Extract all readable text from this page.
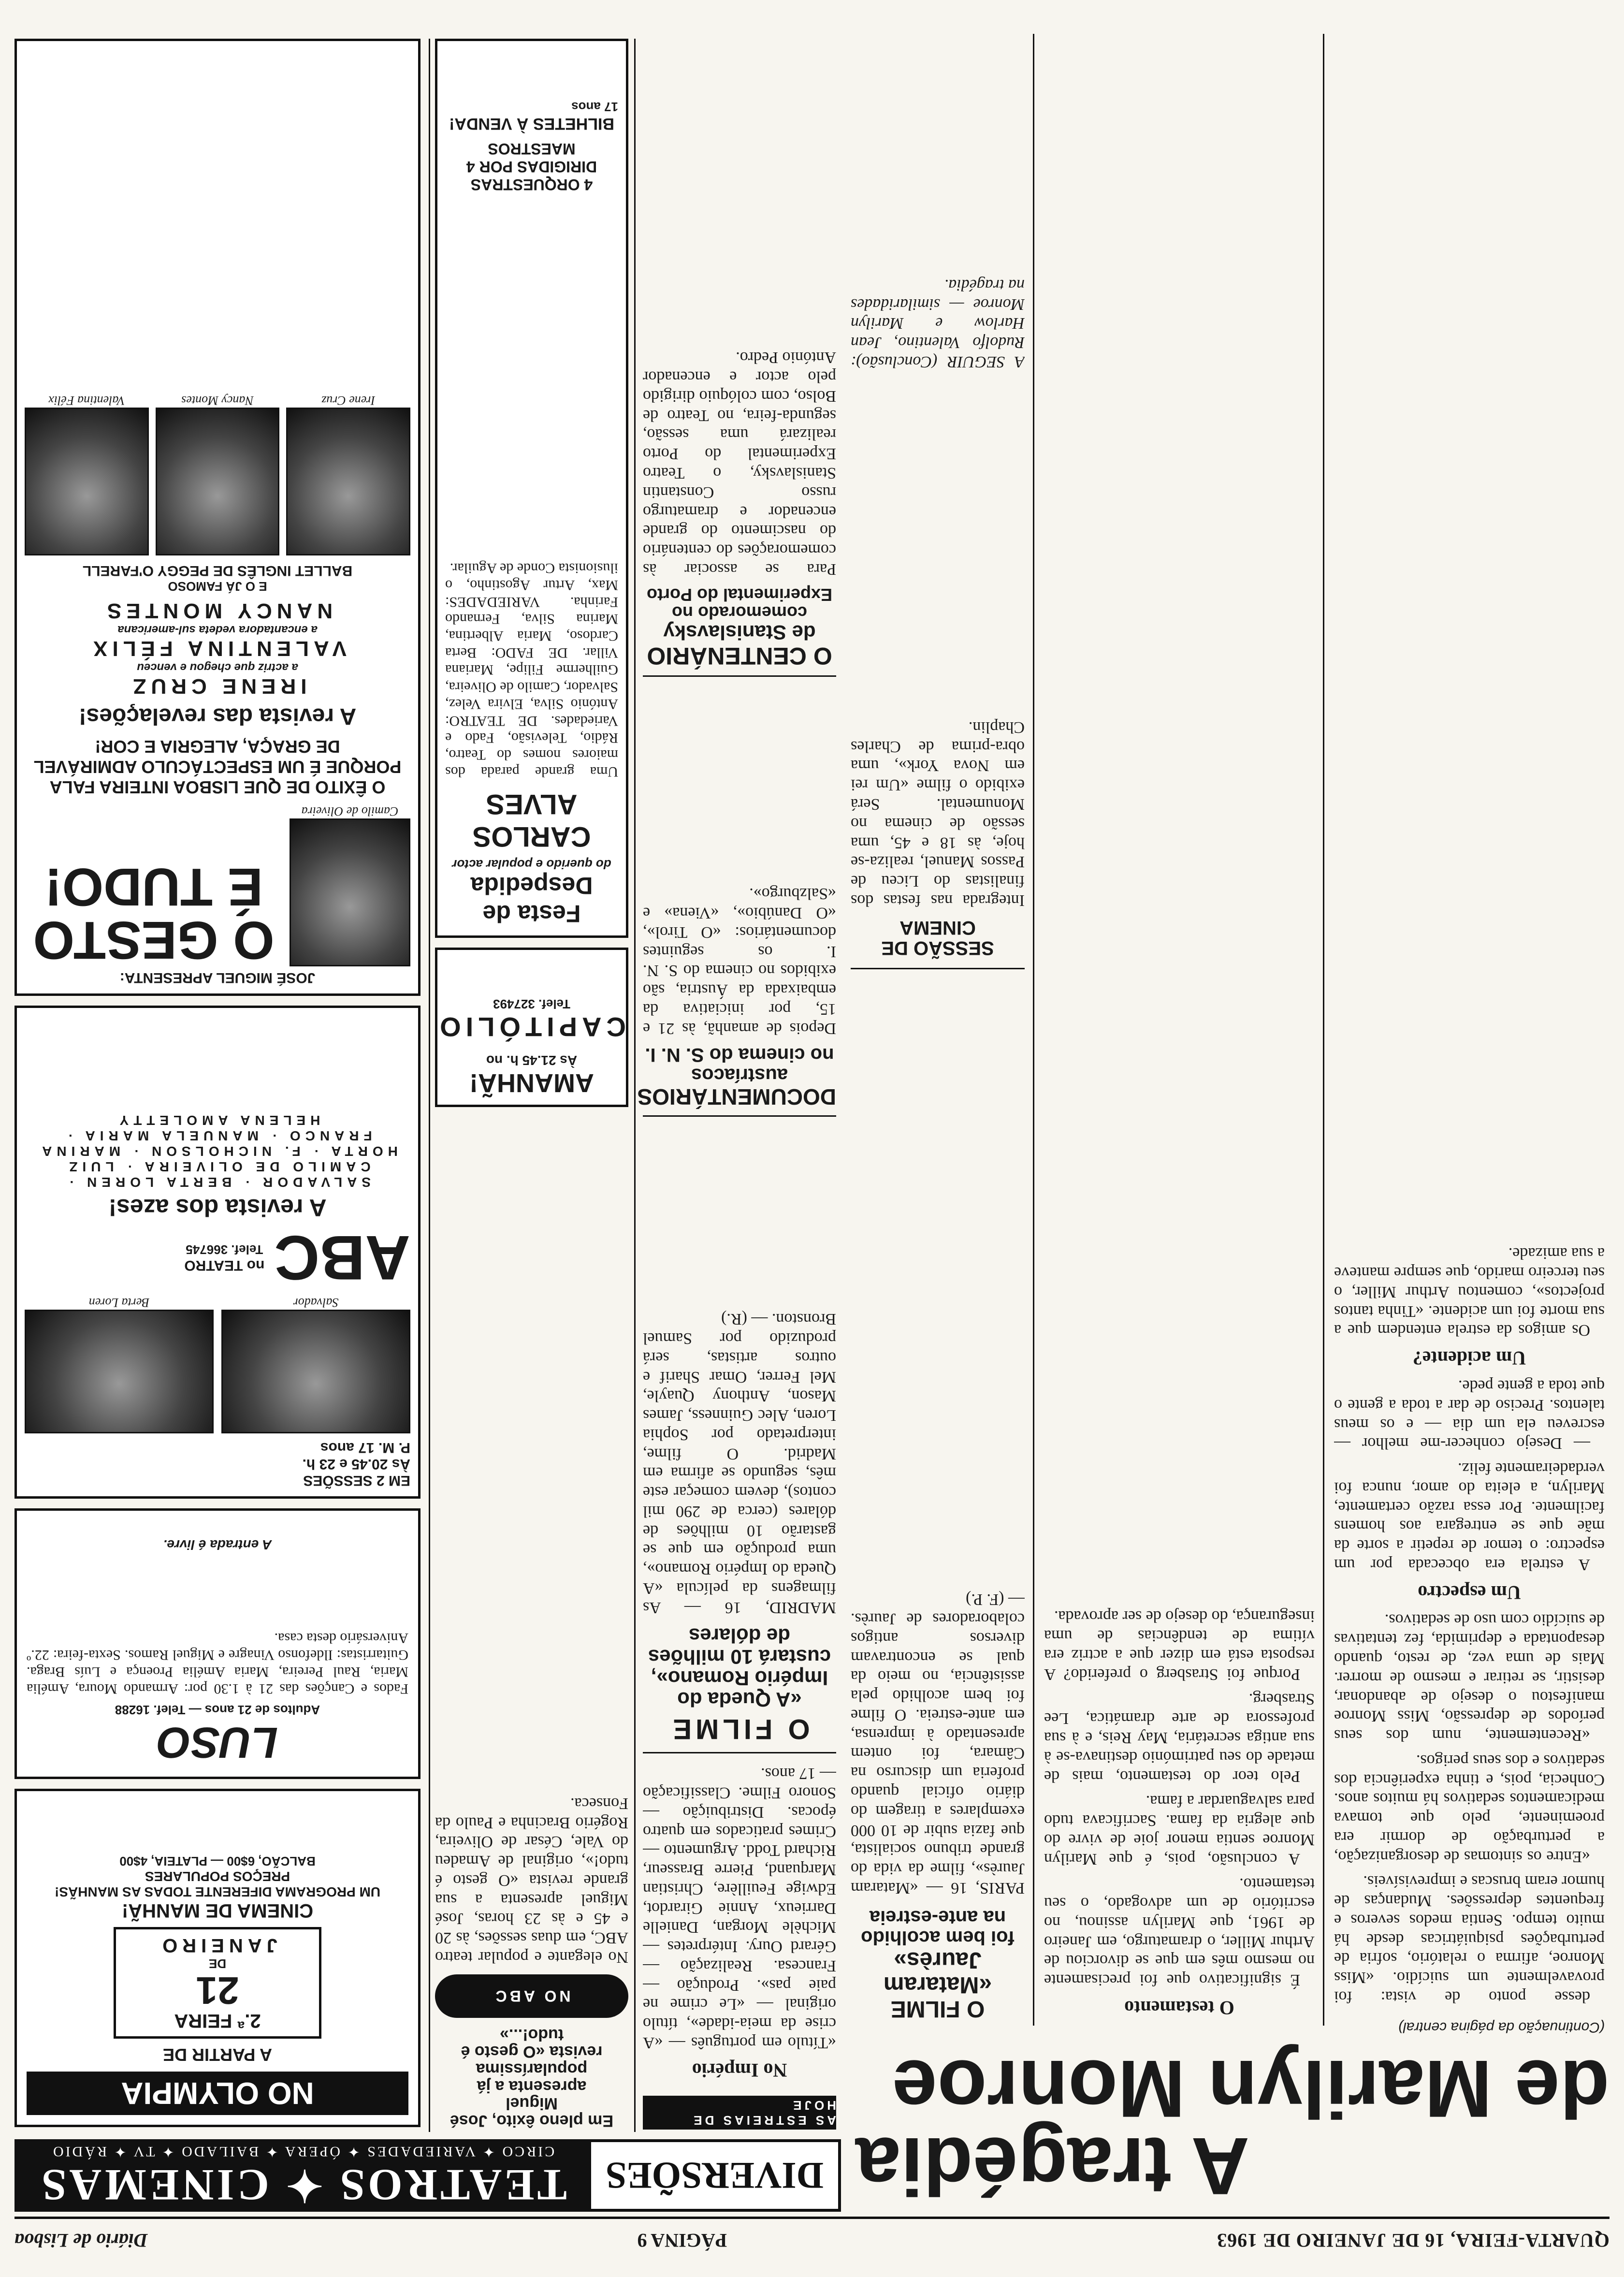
QUARTA-FEIRA, 16 DE JANEIRO DE 1963
PÁGINA 9
Diário de Lisboa
A tragédia
de Marilyn Monroe
(Continuação da página central)

desse ponto de vista: foi provavelmente um suicídio. «Miss Monroe, afirma o relatório, sofria de perturbações psiquiátricas desde há muito tempo. Sentia medos severos e frequentes depressões. Mudanças de humor eram bruscas e imprevisíveis.

«Entre os sintomas de desorganização, a perturbação de dormir era proeminente, pelo que tomava medicamentos sedativos há muitos anos. Conhecia, pois, e tinha experiência dos sedativos e dos seus perigos.

«Recentemente, num dos seus períodos de depressão, Miss Monroe manifestou o desejo de abandonar, desistir, se retirar e mesmo de morrer. Mais de uma vez, de resto, quando desapontada e deprimida, fez tentativas de suicídio com uso de sedativos.

Um espectro

A estrela era obcecada por um espectro: o temor de repetir a sorte da mãe que se entregara aos homens facilmente. Por essa razão certamente, Marilyn, a eleita do amor, nunca foi verdadeiramente feliz.

— Desejo conhecer-me melhor — escreveu ela um dia — e os meus talentos. Preciso de dar a toda a gente o que toda a gente pede.

Um acidente?

Os amigos da estrela entendem que a sua morte foi um acidente. «Tinha tantos projectos», comentou Arthur Miller, o seu terceiro marido, que sempre manteve a sua amizade.

O testamento

É significativo que foi precisamente no mesmo mês em que se divorciou de Arthur Miller, o dramaturgo, em Janeiro de 1961, que Marilyn assinou, no escritório de um advogado, o seu testamento.

A conclusão, pois, é que Marilyn Monroe sentia menor joie de vivre do que alegria da fama. Sacrificava tudo para salvaguardar a fama.

Pelo teor do testamento, mais de metade do seu património destinava-se à sua antiga secretária, May Reis, e à sua professora de arte dramática, Lee Strasberg.

Porque foi Strasberg o preferido? A resposta está em dizer que a actriz era vítima de tendências de uma insegurança, do desejo de ser aprovada.

O FILME
«Mataram Jaurès»
foi bem acolhido
na ante-estreia
PARIS, 16 — «Mataram Jaurès», filme da vida do grande tribuno socialista, que fazia subir de 10 000 exemplares a tiragem do diário oficial quando proferia um discurso na Câmara, foi ontem apresentado à imprensa, em ante-estreia. O filme foi bem acolhido pela assistência, no meio da qual se encontravam diversos antigos colaboradores de Jaurès. — (F. P.)
SESSÃO DE CINEMA
Integrada nas festas dos finalistas do Liceu de Passos Manuel, realiza-se hoje, às 18 e 45, uma sessão de cinema no Monumental. Será exibido o filme «Um rei em Nova York», uma obra-prima de Charles Chaplin.
A SEGUIR (Conclusão): Rudolfo Valentino, Jean Harlow e Marilyn Monroe — similaridades na tragédia.
DIVERSÕES
TEATROS ✦ CINEMAS
CIRCO ✦ VARIEDADES ✦ ÓPERA ✦ BAILADO ✦ TV ✦ RÁDIO
AS ESTREIAS DE HOJE
No Império
«Título em português — «A crise da meia-idade», título original — «Le crime ne paie pas». Produção — Francesa. Realização — Gérard Oury. Intérpretes — Michèle Morgan, Danielle Darrieux, Annie Girardot, Edwige Feuillère, Christian Marquand, Pierre Brasseur, Richard Todd. Argumento — Crimes praticados em quatro épocas. Distribuição — Sonoro Filme. Classificação — 17 anos.
O FILME
«A Queda do Império Romano», custará 10 milhões de dólares
MADRID, 16 — As filmagens da película «A Queda do Império Romano», uma produção em que se gastarão 10 milhões de dólares (cerca de 290 mil contos), devem começar este mês, segundo se afirma em Madrid. O filme, interpretado por Sophia Loren, Alec Guinness, James Mason, Anthony Quayle, Mel Ferrer, Omar Sharif e outros artistas, será produzido por Samuel Bronston. — (R.)
DOCUMENTÁRIOS
austríacos
no cinema do S. N. I.
Depois de amanhã, às 21 e 15, por iniciativa da embaixada da Áustria, são exibidos no cinema do S. N. I. os seguintes documentários: «O Tirol», «O Danúbio», «Viena» e «Salzburgo».
O CENTENÁRIO
de Stanislavsky
comemorado no Experimental do Porto
Para se associar às comemorações do centenário do nascimento do grande encenador e dramaturgo russo Constantin Stanislavsky, o Teatro Experimental do Porto realizará uma sessão, segunda-feira, no Teatro de Bolso, com colóquio dirigido pelo actor e encenador António Pedro.
Em pleno êxito, José Miguel
apresenta a já popularíssima
revista «O gesto é tudo!...»
NO ABC
No elegante e popular teatro ABC, em duas sessões, às 20 e 45 e às 23 horas, José Miguel apresenta a sua grande revista «O gesto é tudo!», original de Amadeu do Vale, César de Oliveira, Rogério Bracinha e Paulo da Fonseca.
AMANHÃ!
Às 21.45 h. no
CAPITÓLIO
Telef. 327493
Festa de Despedida
do querido e popular actor
CARLOS ALVES
Uma grande parada dos maiores nomes do Teatro, Rádio, Televisão, Fado e Variedades. DE TEATRO: António Silva, Elvira Velez, Salvador, Camilo de Oliveira, Guilherme Filipe, Mariana Villar. DE FADO: Berta Cardoso, Maria Albertina, Marina Silva, Fernando Farinha. VARIEDADES: Max, Artur Agostinho, o ilusionista Conde de Aguilar.
4 ORQUESTRAS DIRIGIDAS POR 4 MAESTROS
BILHETES À VENDA!
17 anos
NO OLYMPIA
A PARTIR DE
2.ª FEIRA
21
DE
JANEIRO
CINEMA DE MANHÃ!
UM PROGRAMA DIFERENTE TODAS AS MANHÃS!
PREÇOS POPULARES
BALCÃO, 6$00 — PLATEIA, 4$00
LUSO
Adultos de 21 anos — Telef. 16288
Fados e Canções das 21 à 1.30 por: Armando Moura, Amélia Maria, Raul Pereira, Maria Amélia Proença e Luís Braga. Guitarristas: Ildefonso Vinagre e Miguel Ramos. Sexta-feira: 22.º Aniversário desta casa.
A entrada é livre.
EM 2 SESSÕES
Às 20.45 e 23 h.
P. M. 17 anos
Salvador
Berta Loren
ABC
no TEATRO
Telef. 366745
A revista dos azes!
SALVADOR · BERTA LOREN · CAMILO DE OLIVEIRA · LUIZ HORTA · F. NICHOLSON · MARINA FRANCO · MANUELA MARIA · HELENA AMOLETTY
JOSÉ MIGUEL APRESENTA:
Camilo de Oliveira
O GESTO
É TUDO!
O ÊXITO DE QUE LISBOA INTEIRA FALA PORQUE É UM ESPECTÁCULO ADMIRÁVEL DE GRAÇA, ALEGRIA E COR!
A revista das revelações!
IRENE CRUZ
a actriz que chegou e venceu
VALENTINA FÉLIX
a encantadora vedeta sul-americana
NANCY MONTES
E O JÁ FAMOSO
BALLET INGLÊS DE PEGGY O'FARELL
Irene Cruz
Nancy Montes
Valentina Félix
